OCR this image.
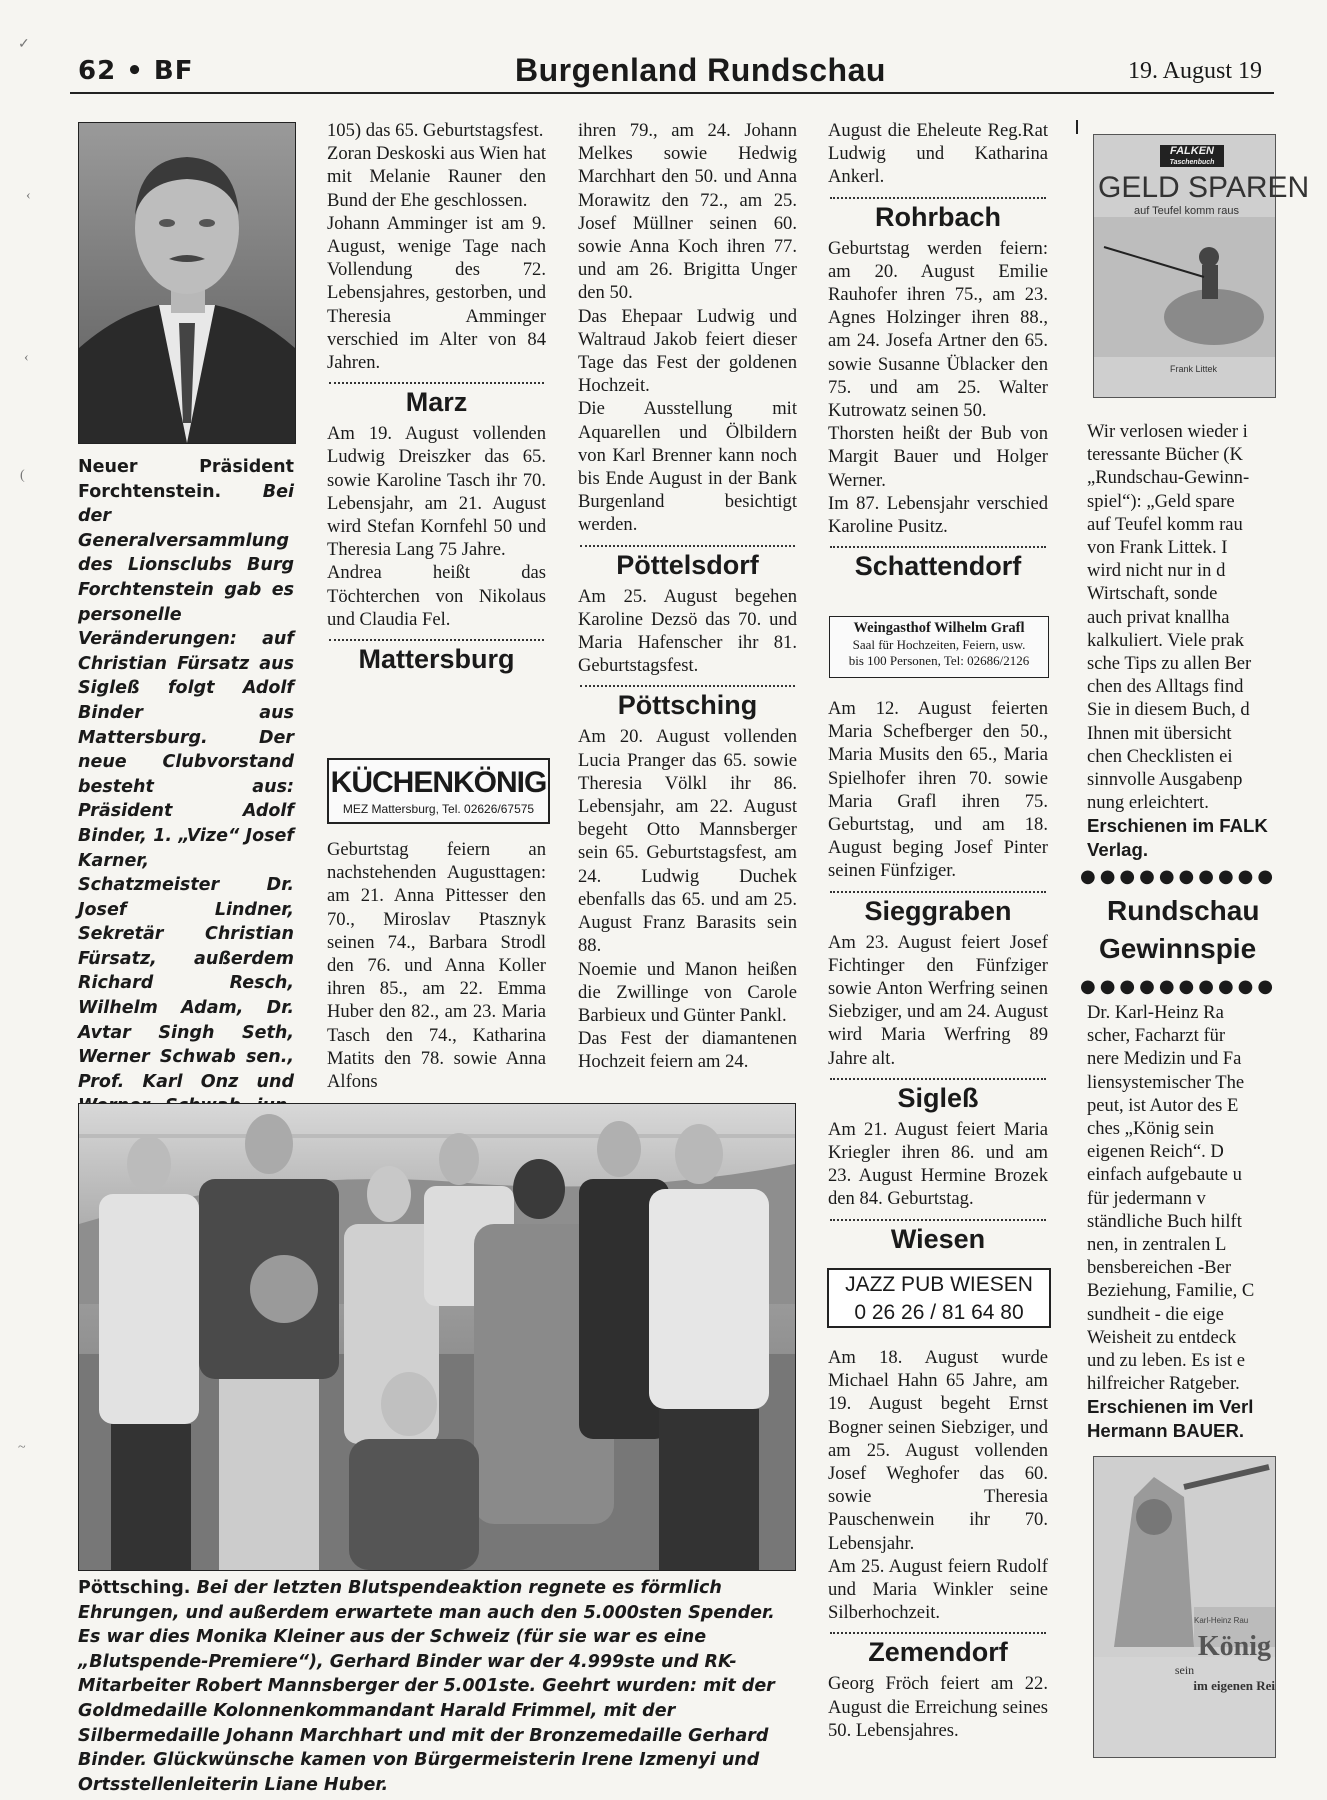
62 • BF	Burgenland Rundschau	19. August 19

Neuer Präsident Forchtenstein. Bei der Generalversammlung des Lionsclubs Burg Forchtenstein gab es personelle Veränderungen: auf Christian Fürsatz aus Sigleß folgt Adolf Binder aus Mattersburg. Der neue Clubvorstand besteht aus: Präsident Adolf Binder, 1. „Vize“ Josef Karner, Schatzmeister Dr. Josef Lindner, Sekretär Christian Fürsatz, außerdem Richard Resch, Wilhelm Adam, Dr. Avtar Singh Seth, Werner Schwab sen., Prof. Karl Onz und

105) das 65. Geburtstagsfest.

Zoran Deskoski aus Wien hat mit Melanie Rauner den Bund der Ehe geschlossen.

Johann Amminger ist am 9. August, wenige Tage nach Vollendung des 72. Lebensjahres, gestorben, und Theresia Amminger verschied im Alter von 84 Jahren.

Marz

Am 19. August vollenden Ludwig Dreiszker das 65. sowie Karoline Tasch ihr 70. Lebensjahr, am 21. August wird Stefan Kornfehl 50 und Theresia Lang 75 Jahre.

Andrea heißt das Töchterchen von Nikolaus und Claudia Fel.

Mattersburg
KÜCHENKÖNIG
MEZ Mattersburg, Tel. 02626/67575

Geburtstag feiern an nachstehenden Augusttagen: am 21. Anna Pittesser den 70., Miroslav Ptasznyk seinen 74., Barbara Strodl den 76. und Anna Koller ihren 85., am 22. Emma Huber den 82., am 23. Maria Tasch den 74., Katharina Matits den 78. sowie Anna Alfons

ihren 79., am 24. Johann Melkes sowie Hedwig Marchhart den 50. und Anna Morawitz den 72., am 25. Josef Müllner seinen 60. sowie Anna Koch ihren 77. und am 26. Brigitta Unger den 50.

Das Ehepaar Ludwig und Waltraud Jakob feiert dieser Tage das Fest der goldenen Hochzeit.

Die Ausstellung mit Aquarellen und Ölbildern von Karl Brenner kann noch bis Ende August in der Bank Burgenland besichtigt werden.

Pöttelsdorf

Am 25. August begehen Karoline Dezsö das 70. und Maria Hafenscher ihr 81. Geburtstagsfest.

Pöttsching

Am 20. August vollenden Lucia Pranger das 65. sowie Theresia Völkl ihr 86. Lebensjahr, am 22. August begeht Otto Mannsberger sein 65. Geburtstagsfest, am 24. Ludwig Duchek ebenfalls das 65. und am 25. August Franz Barasits sein 88.

Noemie und Manon heißen die Zwillinge von Carole Barbieux und Günter Pankl.

Das Fest der diamantenen Hochzeit feiern am 24.

August die Eheleute Reg.Rat Ludwig und Katharina Ankerl.

Rohrbach

Geburtstag werden feiern: am 20. August Emilie Rauhofer ihren 75., am 23. Agnes Holzinger ihren 88., am 24. Josefa Artner den 65. sowie Susanne Üblacker den 75. und am 25. Walter Kutrowatz seinen 50.

Thorsten heißt der Bub von Margit Bauer und Holger Werner.

Im 87. Lebensjahr verschied Karoline Pusitz.

Schattendorf
Weingasthof Wilhelm Grafl
Saal für Hochzeiten, Feiern, usw.
bis 100 Personen, Tel: 02686/2126

Am 12. August feierten Maria Schefberger den 50., Maria Musits den 65., Maria Spielhofer ihren 70. sowie Maria Grafl ihren 75. Geburtstag, und am 18. August beging Josef Pinter seinen Fünfziger.

Sieggraben

Am 23. August feiert Josef Fichtinger den Fünfziger sowie Anton Werfring seinen Siebziger, und am 24. August wird Maria Werfring 89 Jahre alt.

Sigleß

Am 21. August feiert Maria Kriegler ihren 86. und am 23. August Hermine Brozek den 84. Geburtstag.

Wiesen
JAZZ PUB WIESEN
0 26 26 / 81 64 80

Am 18. August wurde Michael Hahn 65 Jahre, am 19. August begeht Ernst Bogner seinen Siebziger, und am 25. August vollenden Josef Weghofer das 60. sowie Theresia Pauschenwein ihr 70. Lebensjahr.

Am 25. August feiern Rudolf und Maria Winkler seine Silberhochzeit.

Zemendorf

Georg Fröch feiert am 22. August die Erreichung seines 50. Lebensjahres.

Pöttsching. Bei der letzten Blutspendeaktion regnete es förmlich Ehrungen, und außerdem erwartete man auch den 5.000sten Spender. Es war dies Monika Kleiner aus der Schweiz (für sie war es eine „Blutspende-Premiere“), Gerhard Binder war der 4.999ste und RK-Mitarbeiter Robert Mannsberger der 5.001ste. Geehrt wurden: mit der Goldmedaille Kolonnenkommandant Harald Frimmel, mit der Silbermedaille Johann Marchhart und mit der Bronzemedaille Gerhard Binder. Glückwünsche kamen von Bürgermeisterin Irene Izmenyi und Ortsstellenleiterin Liane Huber.
FALKEN
Taschenbuch
GELD SPAREN
auf Teufel komm raus
Frank Littek
Wir verlosen wieder i
teressante Bücher (K
„Rundschau-Gewinn-
spiel“): „Geld spare
auf Teufel komm rau
von Frank Littek. I
wird nicht nur in d
Wirtschaft, sonde
auch privat knallha
kalkuliert. Viele prak
sche Tips zu allen Ber
chen des Alltags find
Sie in diesem Buch, d
Ihnen mit übersicht
chen Checklisten ei
sinnvolle Ausgabenp
nung erleichtert.
Erschienen im FALK
Verlag.
●●●●●●●●●●
Rundschau
Gewinnspie
●●●●●●●●●●
Dr. Karl-Heinz Ra
scher, Facharzt für
nere Medizin und Fa
liensystemischer The
peut, ist Autor des E
ches „König sein
eigenen Reich“. D
einfach aufgebaute u
für jedermann v
ständliche Buch hilft
nen, in zentralen L
bensbereichen -Ber
Beziehung, Familie, C
sundheit - die eige
Weisheit zu entdeck
und zu leben. Es ist e
hilfreicher Ratgeber.
Erschienen im Verl
Hermann BAUER.
Karl-Heinz Rau
König
sein
im eigenen Rei
✓
‹
‹
(
~
